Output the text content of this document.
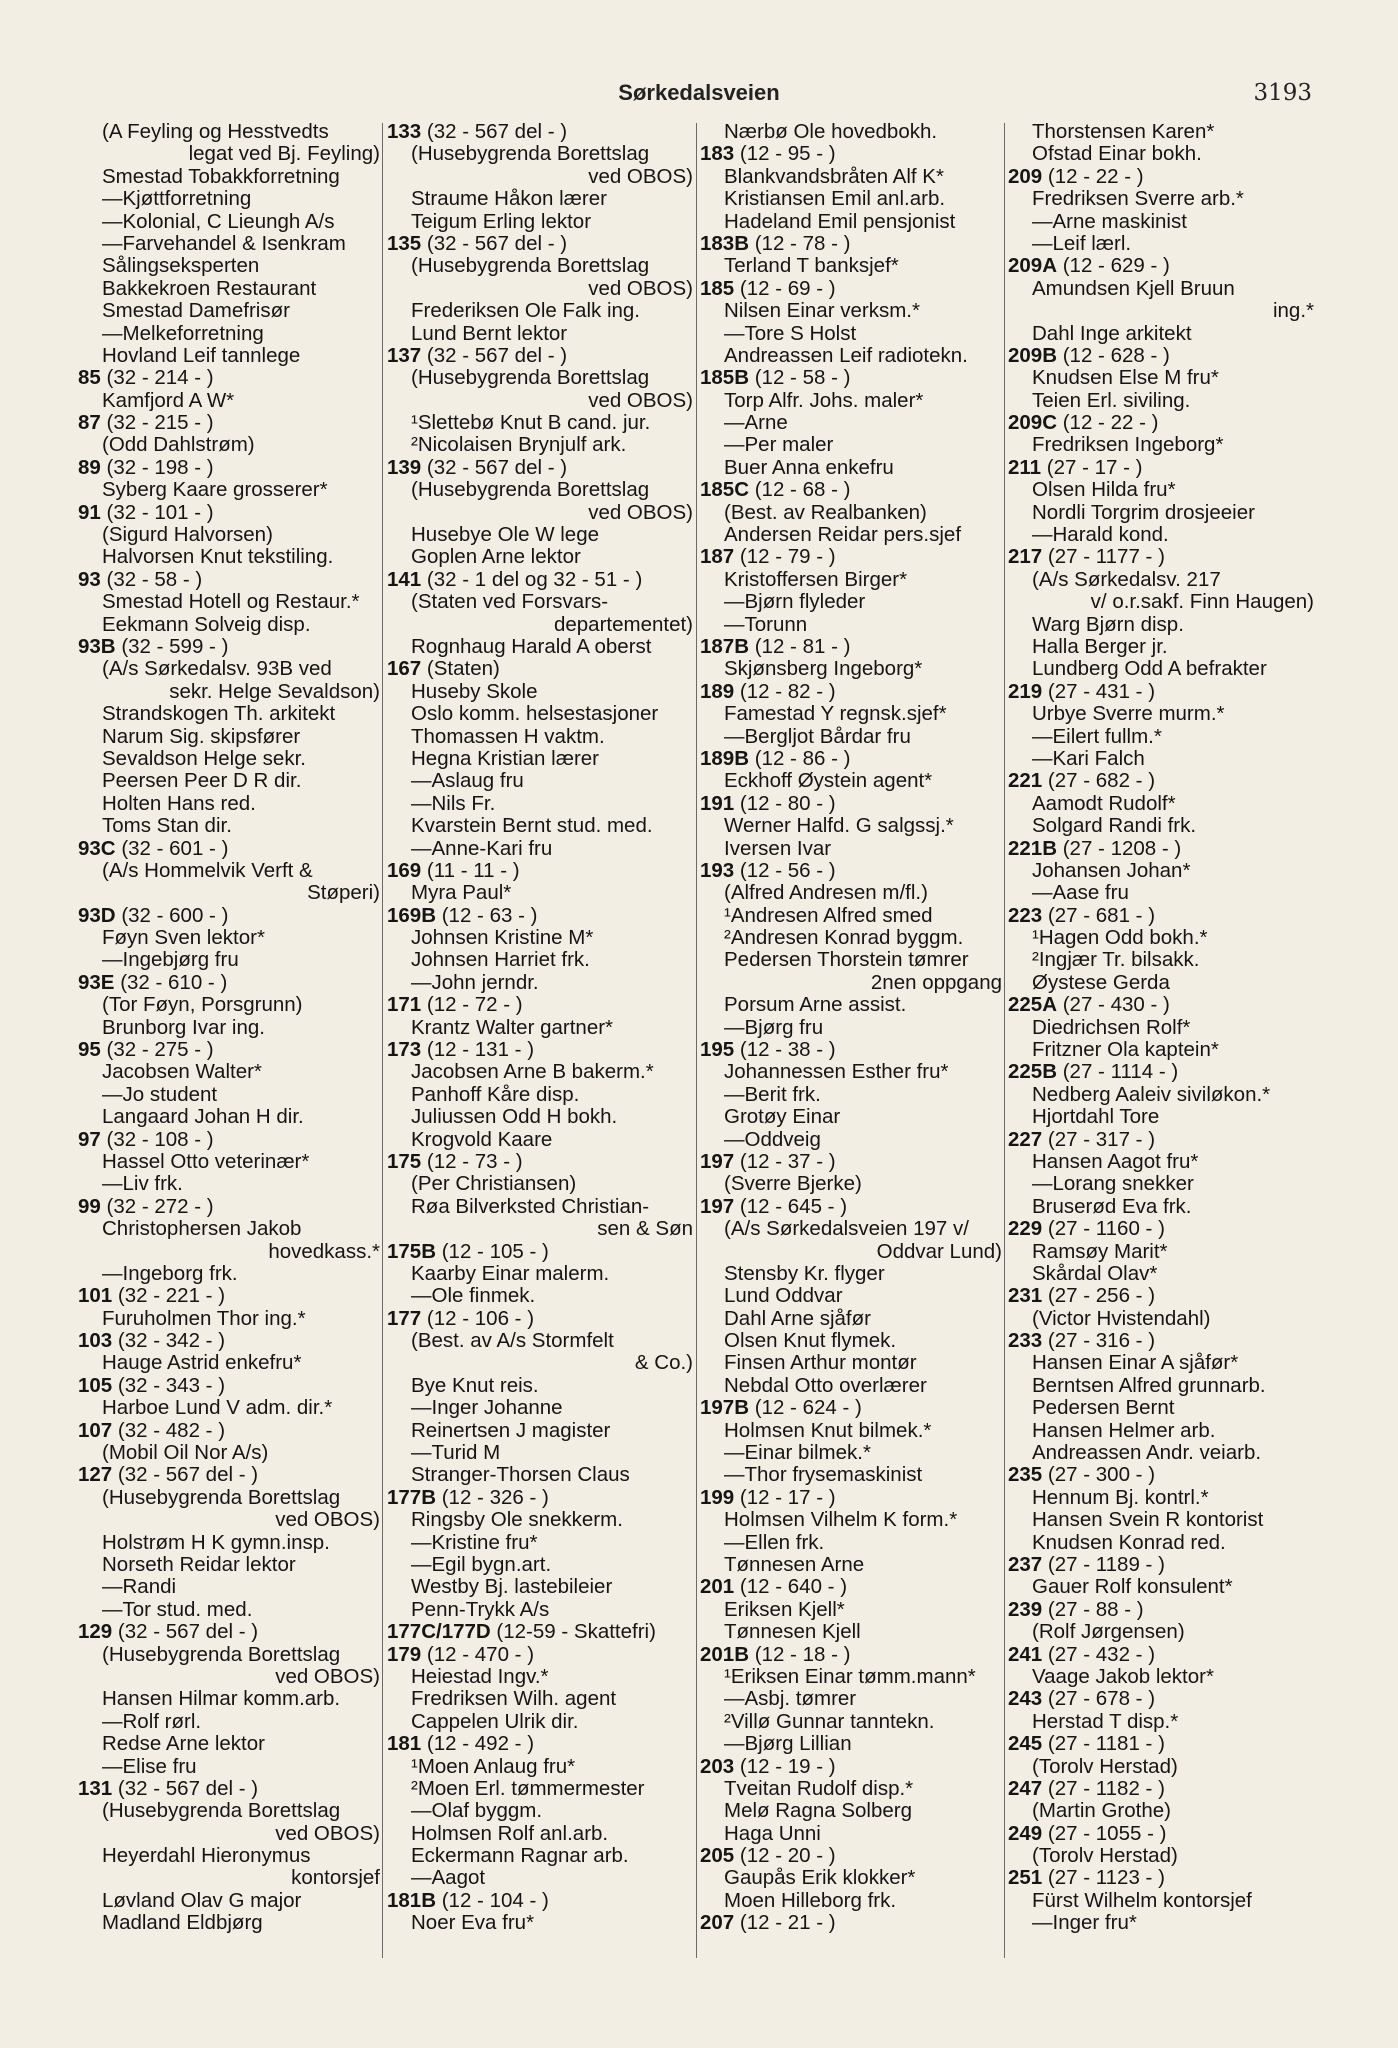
Sørkedalsveien	3193
(A Feyling og Hesstvedts
legat ved Bj. Feyling)
Smestad Tobakkforretning
—Kjøttforretning
—Kolonial, C Lieungh A/s
—Farvehandel & Isenkram
Sålingseksperten
Bakkekroen Restaurant
Smestad Damefrisør
—Melkeforretning
Hovland Leif tannlege
85 (32 - 214 - )
Kamfjord A W*
87 (32 - 215 - )
(Odd Dahlstrøm)
89 (32 - 198 - )
Syberg Kaare grosserer*
91 (32 - 101 - )
(Sigurd Halvorsen)
Halvorsen Knut tekstiling.
93 (32 - 58 - )
Smestad Hotell og Restaur.*
Eekmann Solveig disp.
93B (32 - 599 - )
(A/s Sørkedalsv. 93B ved
sekr. Helge Sevaldson)
Strandskogen Th. arkitekt
Narum Sig. skipsfører
Sevaldson Helge sekr.
Peersen Peer D R dir.
Holten Hans red.
Toms Stan dir.
93C (32 - 601 - )
(A/s Hommelvik Verft &
Støperi)
93D (32 - 600 - )
Føyn Sven lektor*
—Ingebjørg fru
93E (32 - 610 - )
(Tor Føyn, Porsgrunn)
Brunborg Ivar ing.
95 (32 - 275 - )
Jacobsen Walter*
—Jo student
Langaard Johan H dir.
97 (32 - 108 - )
Hassel Otto veterinær*
—Liv frk.
99 (32 - 272 - )
Christophersen Jakob
hovedkass.*
—Ingeborg frk.
101 (32 - 221 - )
Furuholmen Thor ing.*
103 (32 - 342 - )
Hauge Astrid enkefru*
105 (32 - 343 - )
Harboe Lund V adm. dir.*
107 (32 - 482 - )
(Mobil Oil Nor A/s)
127 (32 - 567 del - )
(Husebygrenda Borettslag
ved OBOS)
Holstrøm H K gymn.insp.
Norseth Reidar lektor
—Randi
—Tor stud. med.
129 (32 - 567 del - )
(Husebygrenda Borettslag
ved OBOS)
Hansen Hilmar komm.arb.
—Rolf rørl.
Redse Arne lektor
—Elise fru
131 (32 - 567 del - )
(Husebygrenda Borettslag
ved OBOS)
Heyerdahl Hieronymus
kontorsjef
Løvland Olav G major
Madland Eldbjørg
133 (32 - 567 del - )
(Husebygrenda Borettslag
ved OBOS)
Straume Håkon lærer
Teigum Erling lektor
135 (32 - 567 del - )
(Husebygrenda Borettslag
ved OBOS)
Frederiksen Ole Falk ing.
Lund Bernt lektor
137 (32 - 567 del - )
(Husebygrenda Borettslag
ved OBOS)
¹Slettebø Knut B cand. jur.
²Nicolaisen Brynjulf ark.
139 (32 - 567 del - )
(Husebygrenda Borettslag
ved OBOS)
Husebye Ole W lege
Goplen Arne lektor
141 (32 - 1 del og 32 - 51 - )
(Staten ved Forsvars-
departementet)
Rognhaug Harald A oberst
167 (Staten)
Huseby Skole
Oslo komm. helsestasjoner
Thomassen H vaktm.
Hegna Kristian lærer
—Aslaug fru
—Nils Fr.
Kvarstein Bernt stud. med.
—Anne-Kari fru
169 (11 - 11 - )
Myra Paul*
169B (12 - 63 - )
Johnsen Kristine M*
Johnsen Harriet frk.
—John jerndr.
171 (12 - 72 - )
Krantz Walter gartner*
173 (12 - 131 - )
Jacobsen Arne B bakerm.*
Panhoff Kåre disp.
Juliussen Odd H bokh.
Krogvold Kaare
175 (12 - 73 - )
(Per Christiansen)
Røa Bilverksted Christian-
sen & Søn
175B (12 - 105 - )
Kaarby Einar malerm.
—Ole finmek.
177 (12 - 106 - )
(Best. av A/s Stormfelt
& Co.)
Bye Knut reis.
—Inger Johanne
Reinertsen J magister
—Turid M
Stranger-Thorsen Claus
177B (12 - 326 - )
Ringsby Ole snekkerm.
—Kristine fru*
—Egil bygn.art.
Westby Bj. lastebileier
Penn-Trykk A/s
177C/177D (12-59 - Skattefri)
179 (12 - 470 - )
Heiestad Ingv.*
Fredriksen Wilh. agent
Cappelen Ulrik dir.
181 (12 - 492 - )
¹Moen Anlaug fru*
²Moen Erl. tømmermester
—Olaf byggm.
Holmsen Rolf anl.arb.
Eckermann Ragnar arb.
—Aagot
181B (12 - 104 - )
Noer Eva fru*
Nærbø Ole hovedbokh.
183 (12 - 95 - )
Blankvandsbråten Alf K*
Kristiansen Emil anl.arb.
Hadeland Emil pensjonist
183B (12 - 78 - )
Terland T banksjef*
185 (12 - 69 - )
Nilsen Einar verksm.*
—Tore S Holst
Andreassen Leif radiotekn.
185B (12 - 58 - )
Torp Alfr. Johs. maler*
—Arne
—Per maler
Buer Anna enkefru
185C (12 - 68 - )
(Best. av Realbanken)
Andersen Reidar pers.sjef
187 (12 - 79 - )
Kristoffersen Birger*
—Bjørn flyleder
—Torunn
187B (12 - 81 - )
Skjønsberg Ingeborg*
189 (12 - 82 - )
Famestad Y regnsk.sjef*
—Bergljot Bårdar fru
189B (12 - 86 - )
Eckhoff Øystein agent*
191 (12 - 80 - )
Werner Halfd. G salgssj.*
Iversen Ivar
193 (12 - 56 - )
(Alfred Andresen m/fl.)
¹Andresen Alfred smed
²Andresen Konrad byggm.
Pedersen Thorstein tømrer
2nen oppgang
Porsum Arne assist.
—Bjørg fru
195 (12 - 38 - )
Johannessen Esther fru*
—Berit frk.
Grotøy Einar
—Oddveig
197 (12 - 37 - )
(Sverre Bjerke)
197 (12 - 645 - )
(A/s Sørkedalsveien 197 v/
Oddvar Lund)
Stensby Kr. flyger
Lund Oddvar
Dahl Arne sjåfør
Olsen Knut flymek.
Finsen Arthur montør
Nebdal Otto overlærer
197B (12 - 624 - )
Holmsen Knut bilmek.*
—Einar bilmek.*
—Thor frysemaskinist
199 (12 - 17 - )
Holmsen Vilhelm K form.*
—Ellen frk.
Tønnesen Arne
201 (12 - 640 - )
Eriksen Kjell*
Tønnesen Kjell
201B (12 - 18 - )
¹Eriksen Einar tømm.mann*
—Asbj. tømrer
²Villø Gunnar tanntekn.
—Bjørg Lillian
203 (12 - 19 - )
Tveitan Rudolf disp.*
Melø Ragna Solberg
Haga Unni
205 (12 - 20 - )
Gaupås Erik klokker*
Moen Hilleborg frk.
207 (12 - 21 - )
Thorstensen Karen*
Ofstad Einar bokh.
209 (12 - 22 - )
Fredriksen Sverre arb.*
—Arne maskinist
—Leif lærl.
209A (12 - 629 - )
Amundsen Kjell Bruun
ing.*
Dahl Inge arkitekt
209B (12 - 628 - )
Knudsen Else M fru*
Teien Erl. siviling.
209C (12 - 22 - )
Fredriksen Ingeborg*
211 (27 - 17 - )
Olsen Hilda fru*
Nordli Torgrim drosjeeier
—Harald kond.
217 (27 - 1177 - )
(A/s Sørkedalsv. 217
v/ o.r.sakf. Finn Haugen)
Warg Bjørn disp.
Halla Berger jr.
Lundberg Odd A befrakter
219 (27 - 431 - )
Urbye Sverre murm.*
—Eilert fullm.*
—Kari Falch
221 (27 - 682 - )
Aamodt Rudolf*
Solgard Randi frk.
221B (27 - 1208 - )
Johansen Johan*
—Aase fru
223 (27 - 681 - )
¹Hagen Odd bokh.*
²Ingjær Tr. bilsakk.
Øystese Gerda
225A (27 - 430 - )
Diedrichsen Rolf*
Fritzner Ola kaptein*
225B (27 - 1114 - )
Nedberg Aaleiv siviløkon.*
Hjortdahl Tore
227 (27 - 317 - )
Hansen Aagot fru*
—Lorang snekker
Bruserød Eva frk.
229 (27 - 1160 - )
Ramsøy Marit*
Skårdal Olav*
231 (27 - 256 - )
(Victor Hvistendahl)
233 (27 - 316 - )
Hansen Einar A sjåfør*
Berntsen Alfred grunnarb.
Pedersen Bernt
Hansen Helmer arb.
Andreassen Andr. veiarb.
235 (27 - 300 - )
Hennum Bj. kontrl.*
Hansen Svein R kontorist
Knudsen Konrad red.
237 (27 - 1189 - )
Gauer Rolf konsulent*
239 (27 - 88 - )
(Rolf Jørgensen)
241 (27 - 432 - )
Vaage Jakob lektor*
243 (27 - 678 - )
Herstad T disp.*
245 (27 - 1181 - )
(Torolv Herstad)
247 (27 - 1182 - )
(Martin Grothe)
249 (27 - 1055 - )
(Torolv Herstad)
251 (27 - 1123 - )
Fürst Wilhelm kontorsjef
—Inger fru*
